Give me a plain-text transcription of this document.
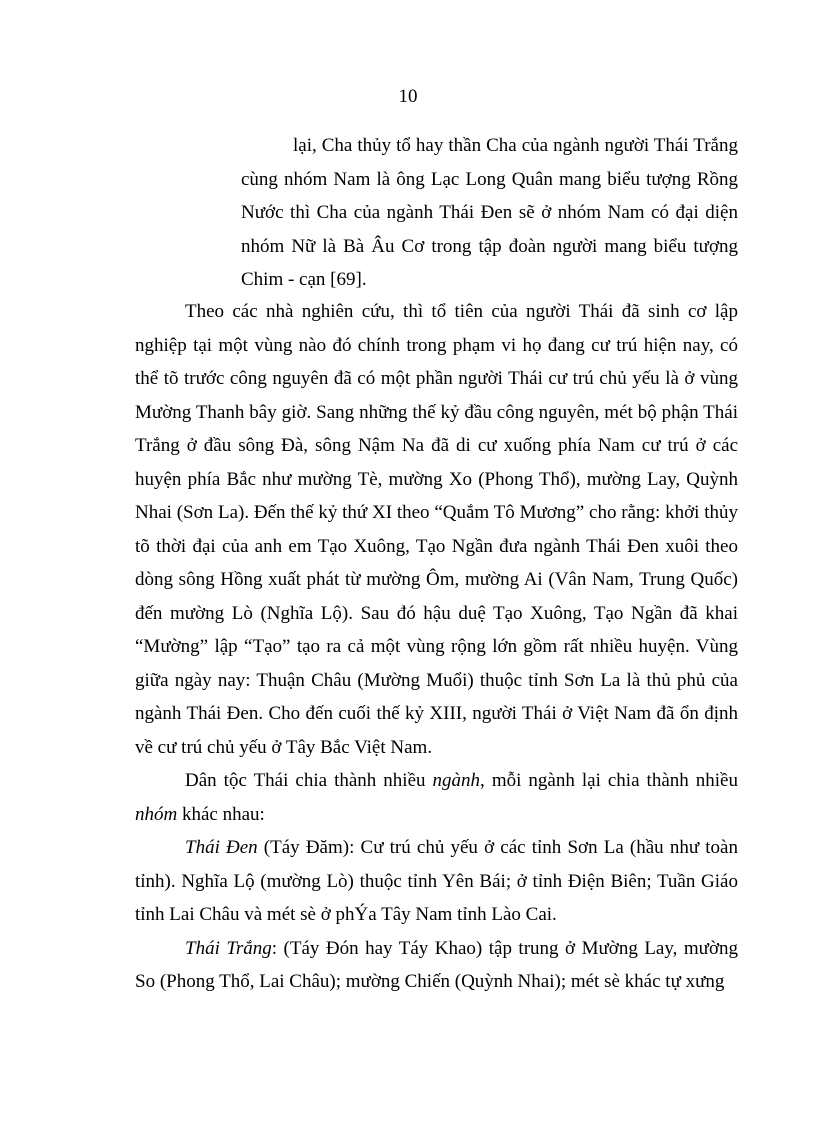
10

lại, Cha thủy tổ hay thần Cha của ngành người Thái Trắng cùng nhóm Nam là ông Lạc Long Quân mang biểu tượng Rồng Nước thì Cha của ngành Thái Đen sẽ ở nhóm Nam có đại diện nhóm Nữ là Bà Âu Cơ trong tập đoàn người mang biểu tượng Chim - cạn [69].

Theo các nhà nghiên cứu, thì tổ tiên của người Thái đã sinh cơ lập nghiệp tại một vùng nào đó chính trong phạm vi họ đang cư trú hiện nay, có thể tõ trước công nguyên đã có một phần người Thái cư trú chủ yếu là ở vùng Mường Thanh bây giờ. Sang những thế kỷ đầu công nguyên, mét bộ phận Thái Trắng ở đầu sông Đà, sông Nậm Na đã di cư xuống phía Nam cư trú ở các huyện phía Bắc như mường Tè, mường Xo (Phong Thổ), mường Lay, Quỳnh Nhai (Sơn La). Đến thế kỷ thứ XI theo “Quắm Tô Mương” cho rằng: khởi thủy tõ thời đại của anh em Tạo Xuông, Tạo Ngần đưa ngành Thái Đen xuôi theo dòng sông Hồng xuất phát từ mường Ôm, mường Ai (Vân Nam, Trung Quốc) đến mường Lò (Nghĩa Lộ). Sau đó hậu duệ Tạo Xuông, Tạo Ngần đã khai “Mường” lập “Tạo” tạo ra cả một vùng rộng lớn gồm rất nhiều huyện. Vùng giữa ngày nay: Thuận Châu (Mường Muổi) thuộc tỉnh Sơn La là thủ phủ của ngành Thái Đen. Cho đến cuối thế kỷ XIII, người Thái ở Việt Nam đã ổn định về cư trú chủ yếu ở Tây Bắc Việt Nam.

Dân tộc Thái chia thành nhiều ngành, mỗi ngành lại chia thành nhiều nhóm khác nhau:

Thái Đen (Táy Đăm): Cư trú chủ yếu ở các tỉnh Sơn La (hầu như toàn tỉnh). Nghĩa Lộ (mường Lò) thuộc tỉnh Yên Bái; ở tỉnh Điện Biên; Tuần Giáo tỉnh Lai Châu và mét sè ở phÝa Tây Nam tỉnh Lào Cai.

Thái Trắng: (Táy Đón hay Táy Khao) tập trung ở Mường Lay, mường So (Phong Thổ, Lai Châu); mường Chiến (Quỳnh Nhai); mét sè khác tự xưng
